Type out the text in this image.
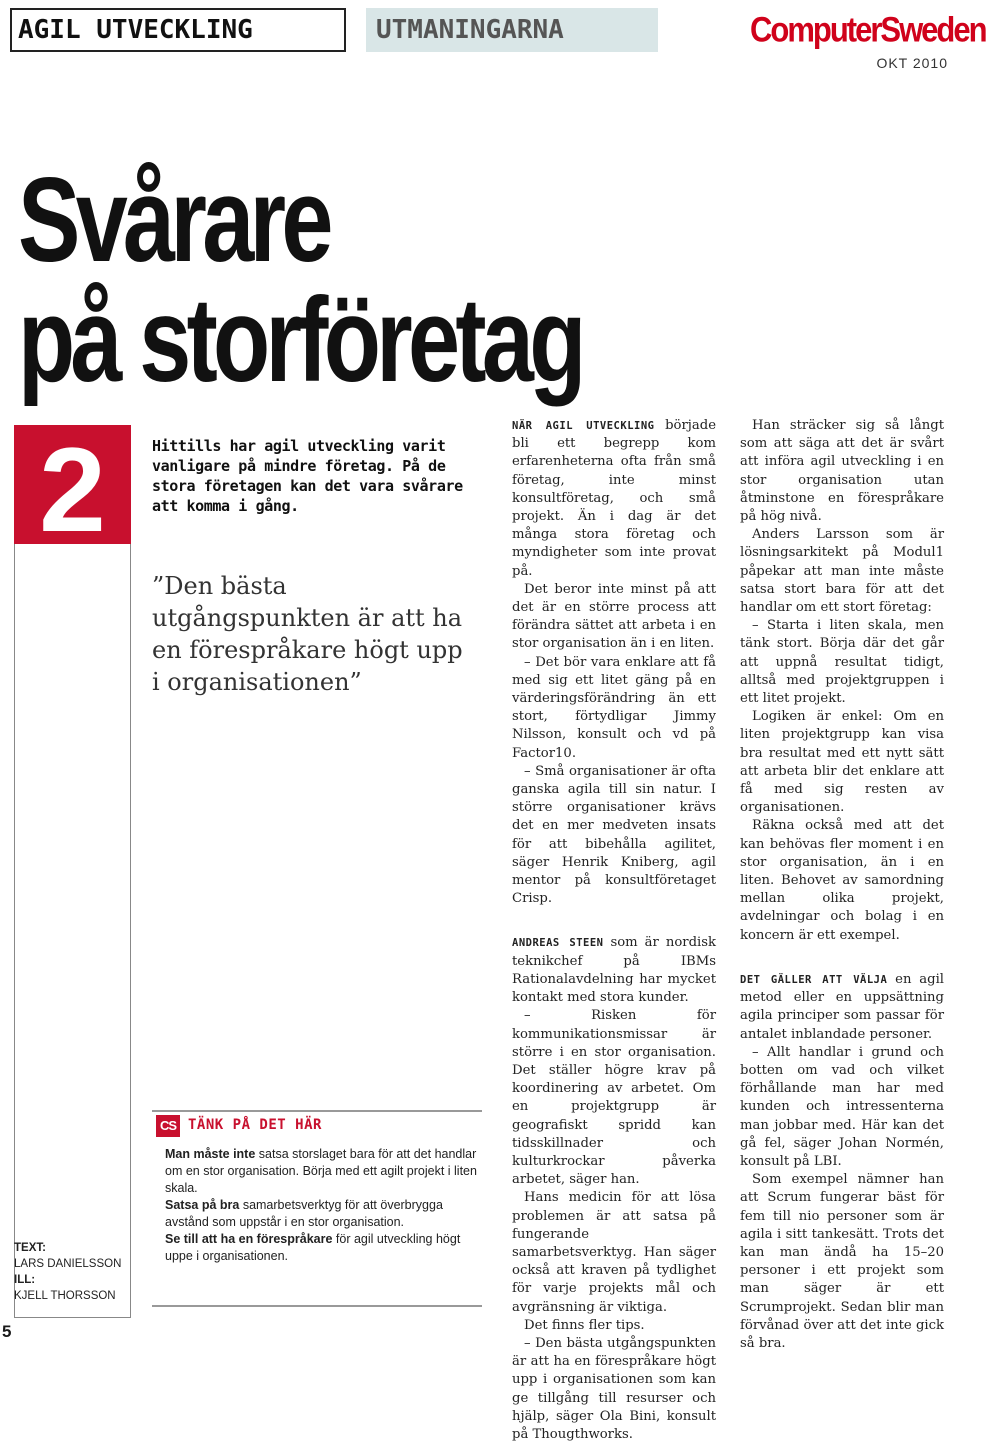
AGIL UTVECKLING	UTMANINGARNA	ComputerSweden
OKT 2010
Svårare
på storföretag
2
TEXT:
LARS DANIELSSON
ILL:
KJELL THORSSON
5
Hittills har agil utveckling varit vanligare på mindre företag. På de stora företagen kan det vara svårare att komma i gång.
”Den bästa utgångspunkten är att ha en förespråkare högt upp i organisationen”
CS TÄNK PÅ DET HÄR

Man måste inte satsa storslaget bara för att det handlar om en stor organisation. Börja med ett agilt projekt i liten skala.

Satsa på bra samarbetsverktyg för att överbrygga avstånd som uppstår i en stor organisation.

Se till att ha en förespråkare för agil utveckling högt uppe i organisationen.

NÄR AGIL UTVECKLING började bli ett begrepp kom erfarenheterna ofta från små företag, inte minst konsultföretag, och små projekt. Än i dag är det många stora företag och myndigheter som inte provat på.

Det beror inte minst på att det är en större process att förändra sättet att arbeta i en stor organisation än i en liten.

– Det bör vara enklare att få med sig ett litet gäng på en värderingsförändring än ett stort, förtydligar Jimmy Nilsson, konsult och vd på Factor10.

– Små organisationer är ofta ganska agila till sin natur. I större organisationer krävs det en mer medveten insats för att bibehålla agilitet, säger Henrik Kniberg, agil mentor på konsultföretaget Crisp.

ANDREAS STEEN som är nordisk teknikchef på IBMs Rationalavdelning har mycket kontakt med stora kunder.

– Risken för kommunikationsmissar är större i en stor organisation. Det ställer högre krav på koordinering av arbetet. Om en projektgrupp är geografiskt spridd kan tidsskillnader och kulturkrockar påverka arbetet, säger han.

Hans medicin för att lösa problemen är att satsa på fungerande samarbetsverktyg. Han säger också att kraven på tydlighet för varje projekts mål och avgränsning är viktiga.

Det finns fler tips.

– Den bästa utgångspunkten är att ha en förespråkare högt upp i organisationen som kan ge tillgång till resurser och hjälp, säger Ola Bini, konsult på Thougthworks.

Han sträcker sig så långt som att säga att det är svårt att införa agil utveckling i en stor organisation utan åtminstone en förespråkare på hög nivå.

Anders Larsson som är lösningsarkitekt på Modul1 påpekar att man inte måste satsa stort bara för att det handlar om ett stort företag:

– Starta i liten skala, men tänk stort. Börja där det går att uppnå resultat tidigt, alltså med projektgruppen i ett litet projekt.

Logiken är enkel: Om en liten projektgrupp kan visa bra resultat med ett nytt sätt att arbeta blir det enklare att få med sig resten av organisationen.

Räkna också med att det kan behövas fler moment i en stor organisation, än i en liten. Behovet av samordning mellan olika projekt, avdelningar och bolag i en koncern är ett exempel.

DET GÄLLER ATT VÄLJA en agil metod eller en uppsättning agila principer som passar för antalet inblandade personer.

– Allt handlar i grund och botten om vad och vilket förhållande man har med kunden och intressenterna man jobbar med. Här kan det gå fel, säger Johan Normén, konsult på LBI.

Som exempel nämner han att Scrum fungerar bäst för fem till nio personer som är agila i sitt tankesätt. Trots det kan man ändå ha 15–20 personer i ett projekt som man säger är ett Scrumprojekt. Sedan blir man förvånad över att det inte gick så bra.
